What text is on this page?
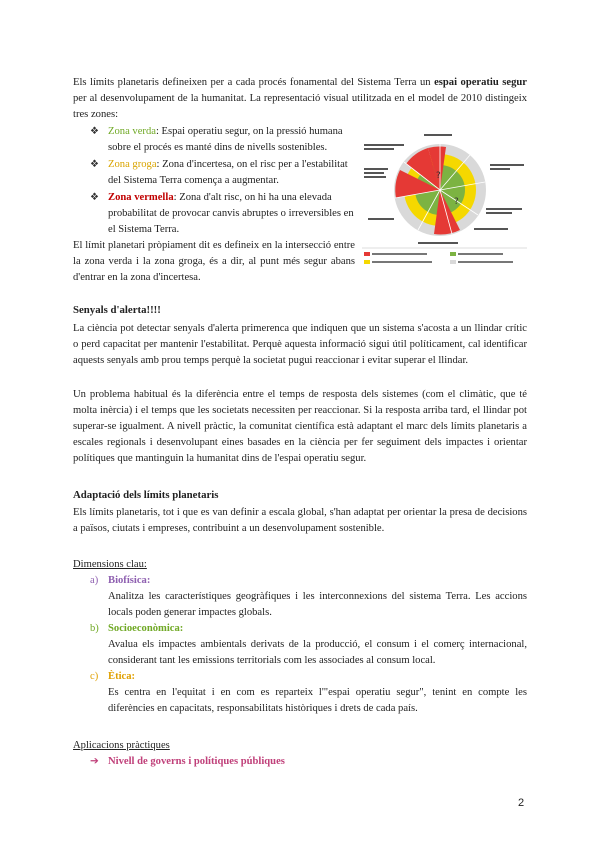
Els límits planetaris defineixen per a cada procés fonamental del Sistema Terra un espai operatiu segur per al desenvolupament de la humanitat. La representació visual utilitzada en el model de 2010 distingeix tres zones:

❖ Zona verda: Espai operatiu segur, on la pressió humana sobre el procés es manté dins de nivells sostenibles.
❖ Zona groga: Zona d'incertesa, on el risc per a l'estabilitat del Sistema Terra comença a augmentar.
❖ Zona vermella: Zona d'alt risc, on hi ha una elevada probabilitat de provocar canvis abruptes o irreversibles en el Sistema Terra.

El límit planetari pròpiament dit es defineix en la intersecció entre la zona verda i la zona groga, és a dir, al punt més segur abans d'entrar en la zona d'incertesa.

?
?
Senyals d'alerta!!!!

La ciència pot detectar senyals d'alerta primerenca que indiquen que un sistema s'acosta a un llindar crític o perd capacitat per mantenir l'estabilitat. Perquè aquesta informació sigui útil políticament, cal identificar aquests senyals amb prou temps perquè la societat pugui reaccionar i evitar superar el llindar.

Un problema habitual és la diferència entre el temps de resposta dels sistemes (com el climàtic, que té molta inèrcia) i el temps que les societats necessiten per reaccionar. Si la resposta arriba tard, el llindar pot superar-se igualment. A nivell pràctic, la comunitat científica està adaptant el marc dels límits planetaris a escales regionals i desenvolupant eines basades en la ciència per fer seguiment dels impactes i orientar polítiques que mantinguin la humanitat dins de l'espai operatiu segur.

Adaptació dels límits planetaris

Els límits planetaris, tot i que es van definir a escala global, s'han adaptat per orientar la presa de decisions a països, ciutats i empreses, contribuint a un desenvolupament sostenible.

Dimensions clau:

a) Biofísica:
Analitza les característiques geogràfiques i les interconnexions del sistema Terra. Les accions locals poden generar impactes globals.
b) Socioeconòmica:
Avalua els impactes ambientals derivats de la producció, el consum i el comerç internacional, considerant tant les emissions territorials com les associades al consum local.
c) Ètica:
Es centra en l'equitat i en com es reparteix l'"espai operatiu segur", tenint en compte les diferències en capacitats, responsabilitats històriques i drets de cada país.

Aplicacions pràctiques

➔ Nivell de governs i polítiques públiques
2
